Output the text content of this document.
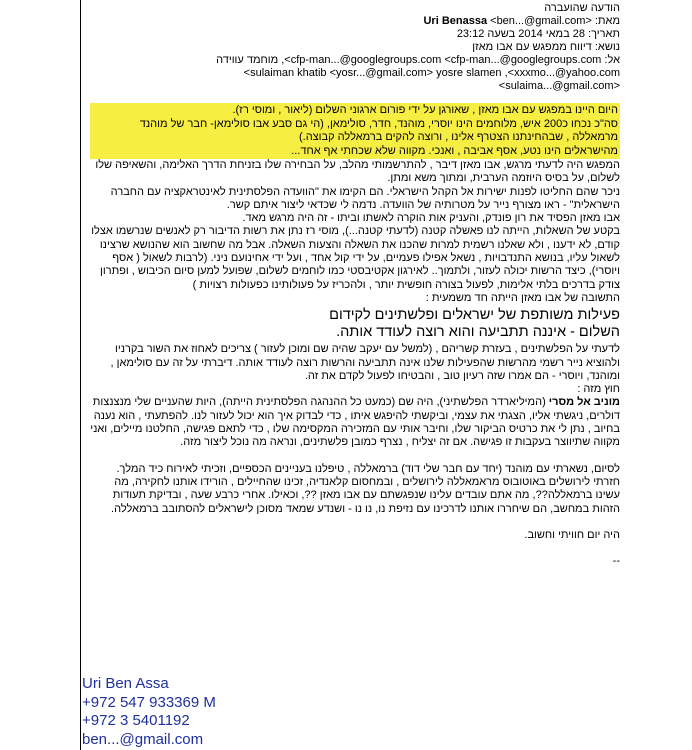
הודעה שהועברה
מאת: Uri Benassa <ben...@gmail.com>
תאריך: 28 במאי 2014 בשעה 23:12
נושא: דיווח ממפגש עם אבו מאזן
אל: cfp-man...@googlegroups.com <cfp-man...@googlegroups.com>, מוחמד עווידה
sulaiman khatib <yosr...@gmail.com> yosre slamen ,<xxxmo...@yahoo.com>
<sulaima...@gmail.com>
היום היינו במפגש עם אבו מאזן , שאורגן על ידי פורום ארגוני השלום (ליאור , ומוסי רז).
סה"כ נכחו כ200 איש, מלוחמים הינו יוסרי, מוהנד, חדר, סולימאן, (הי גם סבע אבו סולימאן- חבר של מוהנד
מרמאללה , שבהחינתנו הצטרף אלינו , ורוצה להקים ברמאללה קבוצה.)
מהישראלים הינו נטע, אסף אביבה , ואנכי. מקווה שלא שכחתי אף אחד...

המפגש היה לדעתי מרגש, אבו מאזן דיבר , להתרשמותי מהלב, על הבחירה שלו בזניחת הדרך האלימה, והשאיפה שלו לשלום, על בסיס היוזמה הערבית, ומתוך משא ומתן.

ניכר שהם החליטו לפנות ישירות אל הקהל הישראלי. הם הקימו את "הוועדה הפלסתינית לאינטראקציה עם החברה הישראלית" - ראו מצורף נייר על מטרותיה של הוועדה. נדמה לי שכדאי ליצור איתם קשר.

אבו מאזן הפסיד את רון פונדק, והעניק אות הוקרה לאשתו וביתו - זה היה מרגש מאד.

בקטע של השאלות, הייתה לנו פאשלה קטנה (לדעתי קטנה...), מוסי רז נתן את רשות הדיבור רק לאנשים שנרשמו אצלו קודם, לא ידענו , ולא שאלנו רשמית למרות שהכנו את השאלה והצעות השאלה. אבל מה שחשוב הוא שהנושא שרצינו לשאול עליו, בנושא התנדבויות , נשאל אפילו פעמיים, על ידי קול אחד , ועל ידי אחינועם ניני. (לרבות לשאול ( אסף ויוסרי), כיצד הרשות יכולה לעזור, ולתמוך.. לאירגון אקטיבסטי כמו לוחמים לשלום, שפועל למען סיום הכיבוש , ופתרון צודק בדרכים בלתי אלימות, לפעול בצורה חופשית יותר , ולהכריז על פעולותינו כפעולות רצויות )

התשובה של אבו מאזן הייתה חד משמעית :

פעילות משותפת של ישראלים ופלשתינים לקידום
השלום - איננה תתביעה והוא רוצה לעודד אותה.

לדעתי על הפלשתינים , בעזרת קשריהם , (למשל עם יעקב שהיה שם ומוכן לעזור ) צריכים לאחוז את השור בקרניו ולהוציא נייר רשמי מהרשות שהפעילות שלנו אינה תתביעה והרשות רוצה לעודד אותה. דיברתי על זה עם סולימאן , ומוהנד, ויוסרי - הם אמרו שזה רעיון טוב , והבטיחו לפעול לקדם את זה.

חוץ מזה :

מוניב אל מסרי (המיליארדר הפלשתיני), היה שם (כמעט כל ההנהגה הפלסתינית הייתה), היות שהעניים שלי מנצנצות דולרים, ניגשתי אליו, הצגתי את עצמי, וביקשתי להיפגש איתו , כדי לבדוק איך הוא יכול לעזור לנו. להפתעתי , הוא נענה בחיוב , נתן לי את כרטיס הביקור שלו, וחיבר אותי עם המזכירה המקסימה שלו , כדי לתאם פגישה, החלטנו מיילים, ואני מקווה שתיווצר בעקבות זו פגישה. אם זה יצליח , נצרף כמובן פלשתינים, ונראה מה נוכל ליצור מזה.

לסיום, נשארתי עם מוהנד (יחד עם חבר שלי דוד) ברמאללה , טיפלנו בעניינים הכספיים, וזכיתי לאירוח כיד המלך. חזרתי לירושלים באוטובוס מראמאללה לירושלים , ובמחסום קלאנדיה, זכינו שהחיילים , הורידו אותנו לחקירה, מה עשינו ברמאללה??, מה אתם עובדים עלינו שנפגשתם עם אבו מאזן ??, וכאילו. אחרי כרבע שעה , ובדיקת תעודות הזהות במחשב, הם שיחררו אותנו לדרכינו עם נזיפת נו, נו נו - ושנדע שמאד מסוכן לישראלים להסתובב ברמאללה.

היה יום חוויתי וחשוב.

--

Uri Ben Assa
+972 547 933369 M
+972 3 5401192
ben...@gmail.com
